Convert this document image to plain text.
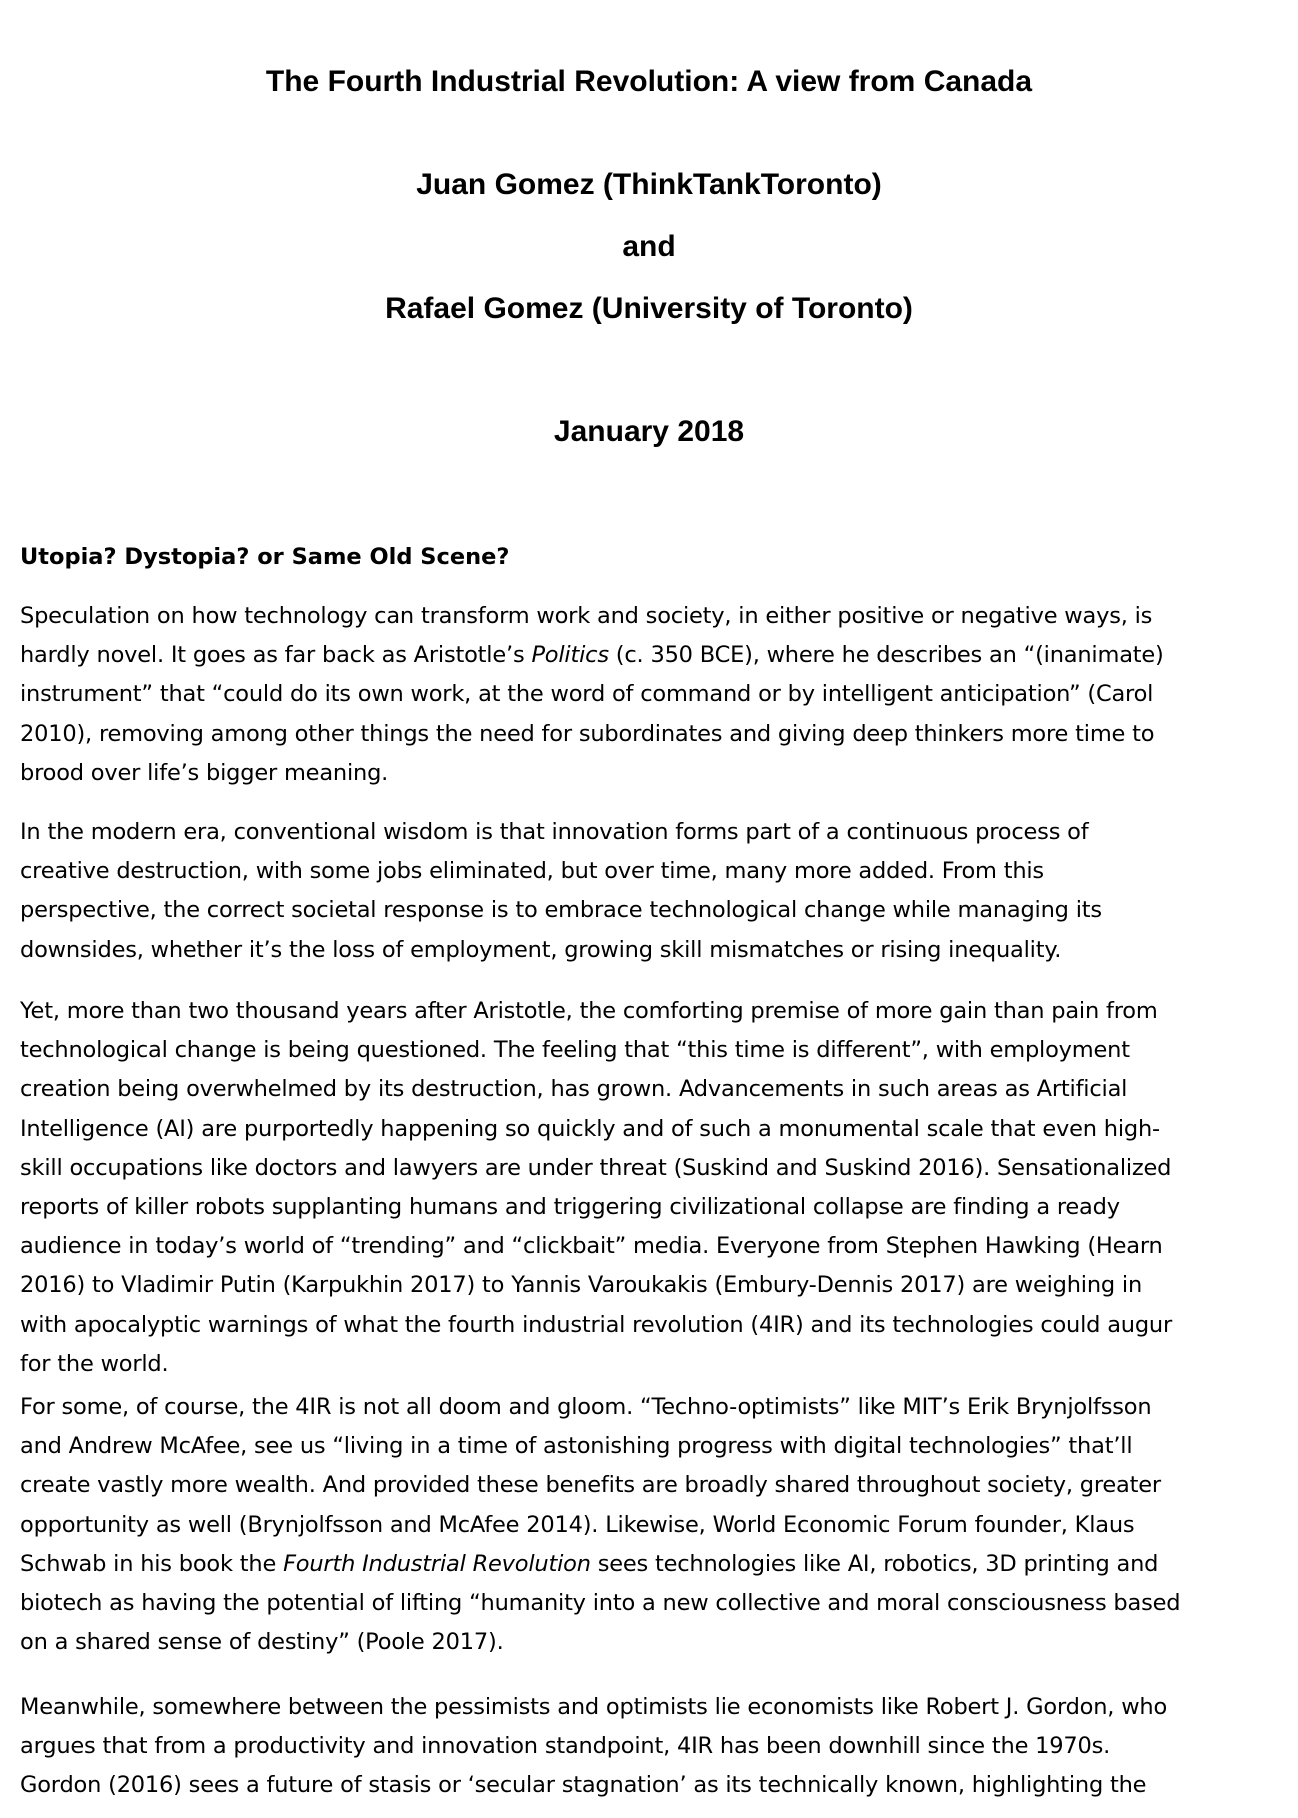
The Fourth Industrial Revolution: A view from Canada
Juan Gomez (ThinkTankToronto)
and
Rafael Gomez (University of Toronto)
January 2018
Utopia? Dystopia? or Same Old Scene?
Speculation on how technology can transform work and society, in either positive or negative ways, is
hardly novel. It goes as far back as Aristotle’s Politics (c. 350 BCE), where he describes an “(inanimate)
instrument” that “could do its own work, at the word of command or by intelligent anticipation” (Carol
2010), removing among other things the need for subordinates and giving deep thinkers more time to
brood over life’s bigger meaning.
In the modern era, conventional wisdom is that innovation forms part of a continuous process of
creative destruction, with some jobs eliminated, but over time, many more added. From this
perspective, the correct societal response is to embrace technological change while managing its
downsides, whether it’s the loss of employment, growing skill mismatches or rising inequality.
Yet, more than two thousand years after Aristotle, the comforting premise of more gain than pain from
technological change is being questioned. The feeling that “this time is different”, with employment
creation being overwhelmed by its destruction, has grown. Advancements in such areas as Artificial
Intelligence (AI) are purportedly happening so quickly and of such a monumental scale that even high-
skill occupations like doctors and lawyers are under threat (Suskind and Suskind 2016). Sensationalized
reports of killer robots supplanting humans and triggering civilizational collapse are finding a ready
audience in today’s world of “trending” and “clickbait” media. Everyone from Stephen Hawking (Hearn
2016) to Vladimir Putin (Karpukhin 2017) to Yannis Varoukakis (Embury-Dennis 2017) are weighing in
with apocalyptic warnings of what the fourth industrial revolution (4IR) and its technologies could augur
for the world.
For some, of course, the 4IR is not all doom and gloom. “Techno-optimists” like MIT’s Erik Brynjolfsson
and Andrew McAfee, see us “living in a time of astonishing progress with digital technologies” that’ll
create vastly more wealth. And provided these benefits are broadly shared throughout society, greater
opportunity as well (Brynjolfsson and McAfee 2014). Likewise, World Economic Forum founder, Klaus
Schwab in his book the Fourth Industrial Revolution sees technologies like AI, robotics, 3D printing and
biotech as having the potential of lifting “humanity into a new collective and moral consciousness based
on a shared sense of destiny” (Poole 2017).
Meanwhile, somewhere between the pessimists and optimists lie economists like Robert J. Gordon, who
argues that from a productivity and innovation standpoint, 4IR has been downhill since the 1970s.
Gordon (2016) sees a future of stasis or ‘secular stagnation’ as its technically known, highlighting the
